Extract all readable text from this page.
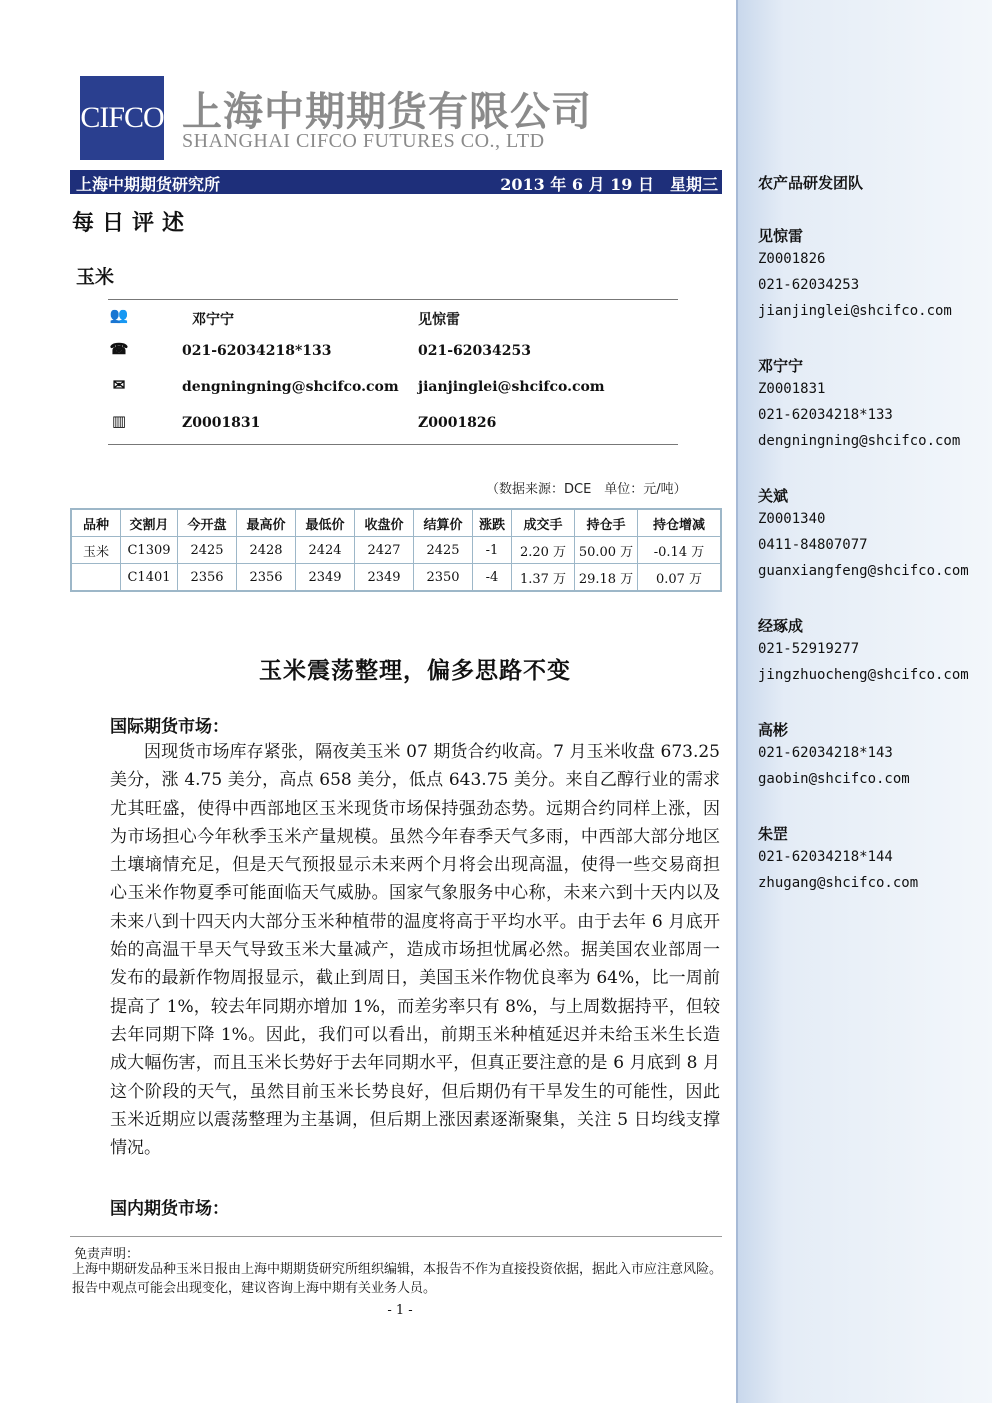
农产品研发团队
见惊雷
Z0001826
021-62034253
jianjinglei@shcifco.com
邓宁宁
Z0001831
021-62034218*133
dengningning@shcifco.com
关斌
Z0001340
0411-84807077
guanxiangfeng@shcifco.com
经琢成
021-52919277
jingzhuocheng@shcifco.com
高彬
021-62034218*143
gaobin@shcifco.com
朱罡
021-62034218*144
zhugang@shcifco.com
CIFCO 上海中期期货有限公司
SHANGHAI CIFCO FUTURES CO., LTD
上海中期期货研究所	2013 年 6 月 19 日　星期三
每日评述
玉米
👥	邓宁宁	见惊雷
☎	021-62034218*133	021-62034253
✉	dengningning@shcifco.com jianjinglei@shcifco.com
▥	Z0001831	Z0001826
（数据来源：DCE　单位：元/吨）
品种	交割月	今开盘	最高价	最低价	收盘价	结算价	涨跌	成交手	持仓手	持仓增减
玉米	C1309	2425	2428	2424	2427	2425	-1	2.20 万	50.00 万	-0.14 万
	C1401	2356	2356	2349	2349	2350	-4	1.37 万	29.18 万	0.07 万
玉米震荡整理，偏多思路不变
国际期货市场：
因现货市场库存紧张，隔夜美玉米 07 期货合约收高。7 月玉米收盘 673.25 美分，涨 4.75 美分，高点 658 美分，低点 643.75 美分。来自乙醇行业的需求尤其旺盛，使得中西部地区玉米现货市场保持强劲态势。远期合约同样上涨，因为市场担心今年秋季玉米产量规模。虽然今年春季天气多雨，中西部大部分地区土壤墒情充足，但是天气预报显示未来两个月将会出现高温，使得一些交易商担心玉米作物夏季可能面临天气威胁。国家气象服务中心称，未来六到十天内以及未来八到十四天内大部分玉米种植带的温度将高于平均水平。由于去年 6 月底开始的高温干旱天气导致玉米大量减产，造成市场担忧属必然。据美国农业部周一发布的最新作物周报显示，截止到周日，美国玉米作物优良率为 64%，比一周前提高了 1%，较去年同期亦增加 1%，而差劣率只有 8%，与上周数据持平，但较去年同期下降 1%。因此，我们可以看出，前期玉米种植延迟并未给玉米生长造成大幅伤害，而且玉米长势好于去年同期水平，但真正要注意的是 6 月底到 8 月这个阶段的天气，虽然目前玉米长势良好，但后期仍有干旱发生的可能性，因此玉米近期应以震荡整理为主基调，但后期上涨因素逐渐聚集，关注 5 日均线支撑情况。
国内期货市场：
免责声明：
上海中期研发品种玉米日报由上海中期期货研究所组织编辑，本报告不作为直接投资依据，据此入市应注意风险。报告中观点可能会出现变化，建议咨询上海中期有关业务人员。
- 1 -
